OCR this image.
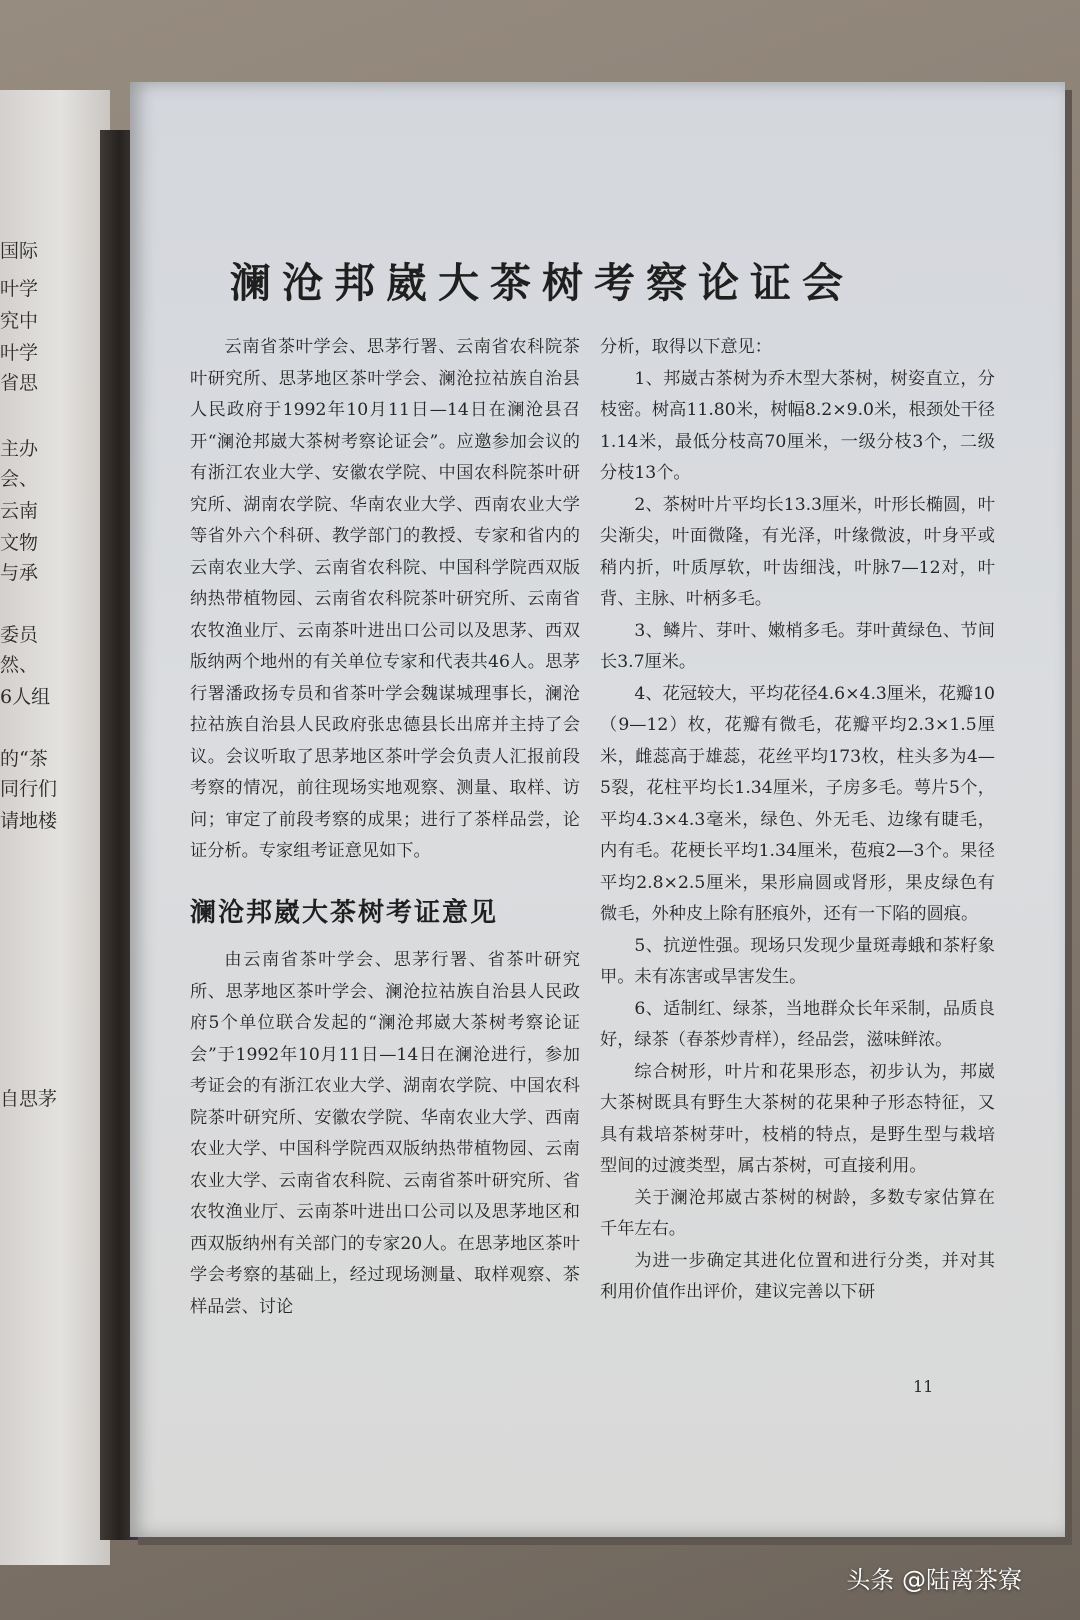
国际
叶学
究中
叶学
省思
主办
会、
云南
文物
与承
委员
然、
6人组
的“茶
同行们
请地楼
自思茅
澜沧邦崴大茶树考察论证会

云南省茶叶学会、思茅行署、云南省农科院茶叶研究所、思茅地区茶叶学会、澜沧拉祜族自治县人民政府于1992年10月11日—14日在澜沧县召开“澜沧邦崴大茶树考察论证会”。应邀参加会议的有浙江农业大学、安徽农学院、中国农科院茶叶研究所、湖南农学院、华南农业大学、西南农业大学等省外六个科研、教学部门的教授、专家和省内的云南农业大学、云南省农科院、中国科学院西双版纳热带植物园、云南省农科院茶叶研究所、云南省农牧渔业厅、云南茶叶进出口公司以及思茅、西双版纳两个地州的有关单位专家和代表共46人。思茅行署潘政扬专员和省茶叶学会魏谋城理事长，澜沧拉祜族自治县人民政府张忠德县长出席并主持了会议。会议听取了思茅地区茶叶学会负责人汇报前段考察的情况，前往现场实地观察、测量、取样、访问；审定了前段考察的成果；进行了茶样品尝，论证分析。专家组考证意见如下。

澜沧邦崴大茶树考证意见

由云南省茶叶学会、思茅行署、省茶叶研究所、思茅地区茶叶学会、澜沧拉祜族自治县人民政府5个单位联合发起的“澜沧邦崴大茶树考察论证会”于1992年10月11日—14日在澜沧进行，参加考证会的有浙江农业大学、湖南农学院、中国农科院茶叶研究所、安徽农学院、华南农业大学、西南农业大学、中国科学院西双版纳热带植物园、云南农业大学、云南省农科院、云南省茶叶研究所、省农牧渔业厅、云南茶叶进出口公司以及思茅地区和西双版纳州有关部门的专家20人。在思茅地区茶叶学会考察的基础上，经过现场测量、取样观察、茶样品尝、讨论

分析，取得以下意见：

1、邦崴古茶树为乔木型大茶树，树姿直立，分枝密。树高11.80米，树幅8.2×9.0米，根颈处干径1.14米，最低分枝高70厘米，一级分枝3个，二级分枝13个。

2、茶树叶片平均长13.3厘米，叶形长椭圆，叶尖渐尖，叶面微隆，有光泽，叶缘微波，叶身平或稍内折，叶质厚软，叶齿细浅，叶脉7—12对，叶背、主脉、叶柄多毛。

3、鳞片、芽叶、嫩梢多毛。芽叶黄绿色、节间长3.7厘米。

4、花冠较大，平均花径4.6×4.3厘米，花瓣10（9—12）枚，花瓣有微毛，花瓣平均2.3×1.5厘米，雌蕊高于雄蕊，花丝平均173枚，柱头多为4—5裂，花柱平均长1.34厘米，子房多毛。萼片5个，平均4.3×4.3毫米，绿色、外无毛、边缘有睫毛，内有毛。花梗长平均1.34厘米，苞痕2—3个。果径平均2.8×2.5厘米，果形扁圆或肾形，果皮绿色有微毛，外种皮上除有胚痕外，还有一下陷的圆痕。

5、抗逆性强。现场只发现少量斑毒蛾和茶籽象甲。未有冻害或旱害发生。

6、适制红、绿茶，当地群众长年采制，品质良好，绿茶（春茶炒青样），经品尝，滋味鲜浓。

综合树形，叶片和花果形态，初步认为，邦崴大茶树既具有野生大茶树的花果种子形态特征，又具有栽培茶树芽叶，枝梢的特点，是野生型与栽培型间的过渡类型，属古茶树，可直接利用。

关于澜沧邦崴古茶树的树龄，多数专家估算在千年左右。

为进一步确定其进化位置和进行分类，并对其利用价值作出评价，建议完善以下研

11
头条 @陆离茶寮
